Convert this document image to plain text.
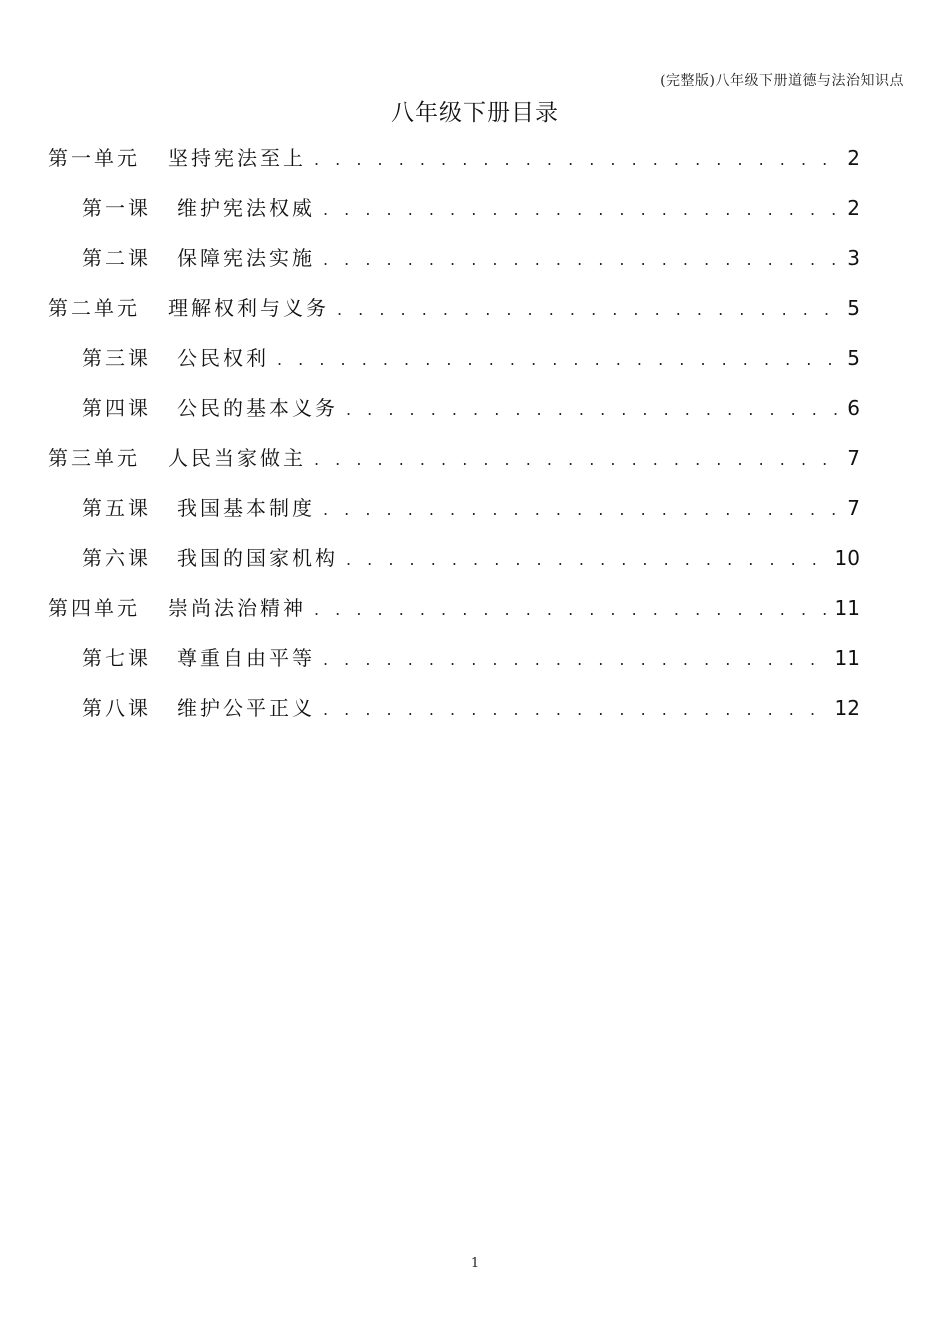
(完整版)八年级下册道德与法治知识点
八年级下册目录
第一单元	坚持宪法至上 . . .	2
第一课	维护宪法权威 . . .	2
第二课	保障宪法实施 . . .	3
第二单元	理解权利与义务 . . .	5
第三课	公民权利 . . .	5
第四课	公民的基本义务 . . .	6
第三单元	人民当家做主 . . .	7
第五课	我国基本制度 . . .	7
第六课	我国的国家机构 . . .	10
第四单元	崇尚法治精神 . . .	11
第七课	尊重自由平等 . . .	11
第八课	维护公平正义 . . .	12
1
